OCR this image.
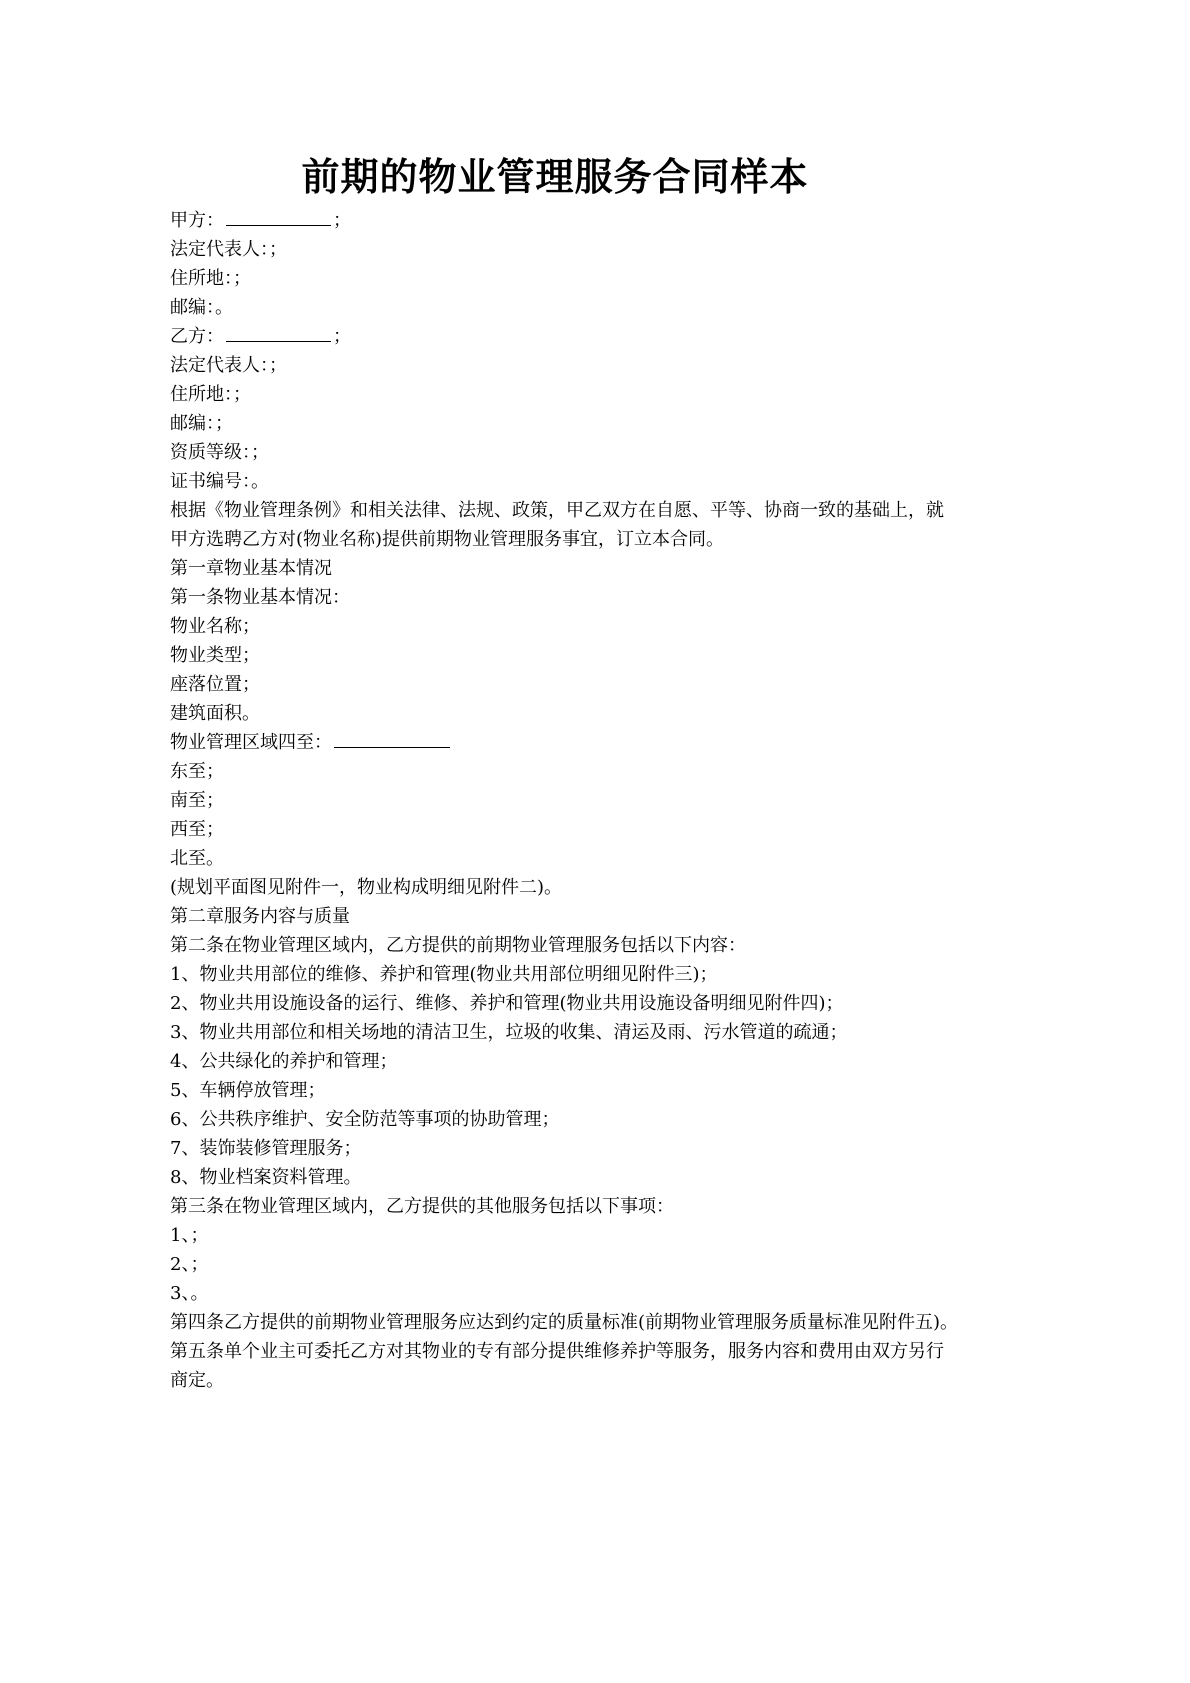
前期的物业管理服务合同样本
甲方：	；
法定代表人：；
住所地：；
邮编：。
乙方：	；
法定代表人：；
住所地：；
邮编：；
资质等级：；
证书编号：。
根据《物业管理条例》和相关法律、法规、政策，甲乙双方在自愿、平等、协商一致的基础上，就甲方选聘乙方对(物业名称)提供前期物业管理服务事宜，订立本合同。
第一章物业基本情况
第一条物业基本情况：
物业名称；
物业类型；
座落位置；
建筑面积。
物业管理区域四至：
东至；
南至；
西至；
北至。
(规划平面图见附件一，物业构成明细见附件二)。
第二章服务内容与质量
第二条在物业管理区域内，乙方提供的前期物业管理服务包括以下内容：
1、物业共用部位的维修、养护和管理(物业共用部位明细见附件三)；
2、物业共用设施设备的运行、维修、养护和管理(物业共用设施设备明细见附件四)；
3、物业共用部位和相关场地的清洁卫生，垃圾的收集、清运及雨、污水管道的疏通；
4、公共绿化的养护和管理；
5、车辆停放管理；
6、公共秩序维护、安全防范等事项的协助管理；
7、装饰装修管理服务；
8、物业档案资料管理。
第三条在物业管理区域内，乙方提供的其他服务包括以下事项：
1、；
2、；
3、。
第四条乙方提供的前期物业管理服务应达到约定的质量标准(前期物业管理服务质量标准见附件五)。
第五条单个业主可委托乙方对其物业的专有部分提供维修养护等服务，服务内容和费用由双方另行商定。
